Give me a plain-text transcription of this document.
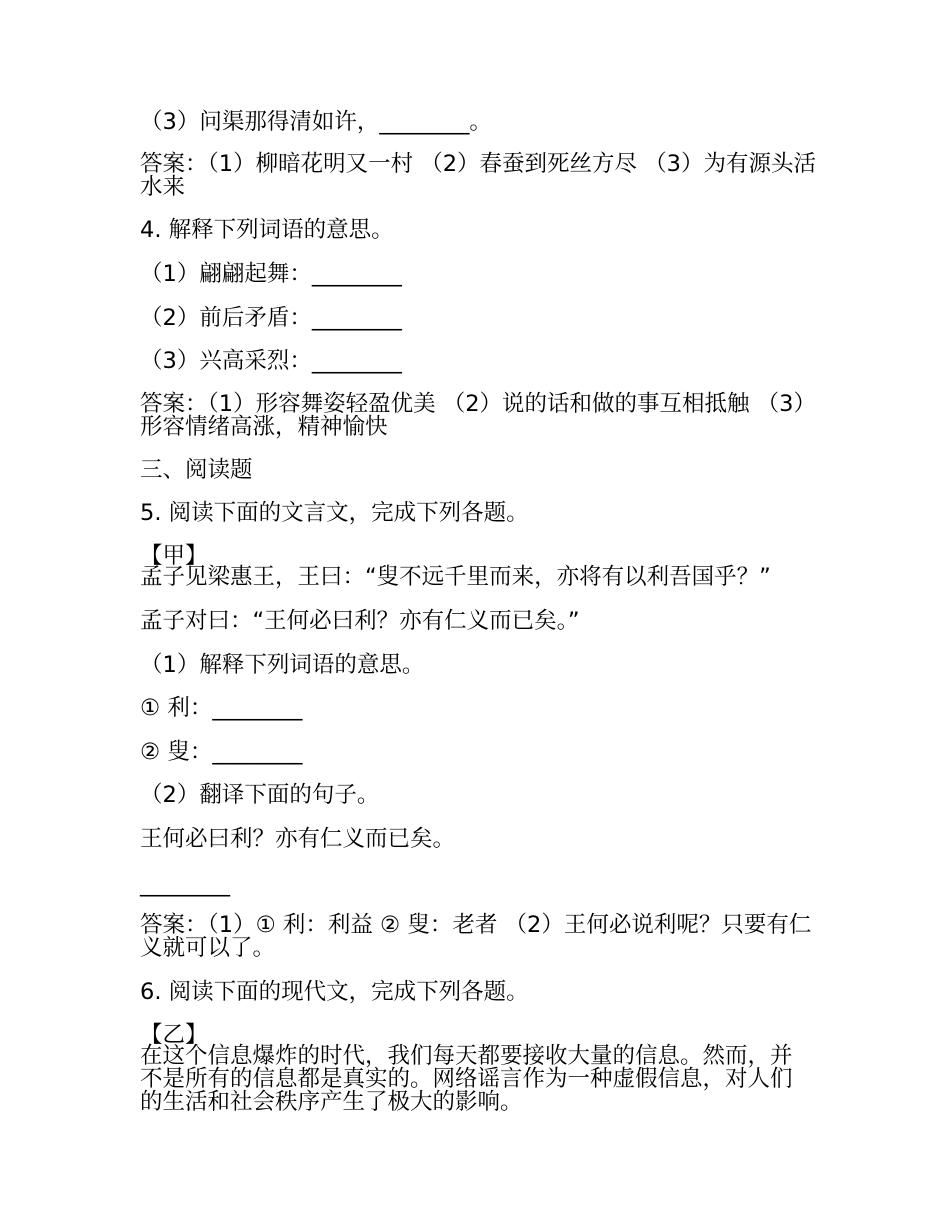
（3）问渠那得清如许，________。
答案：（1）柳暗花明又一村 （2）春蚕到死丝方尽 （3）为有源头活水来
4. 解释下列词语的意思。
（1）翩翩起舞：________
（2）前后矛盾：________
（3）兴高采烈：________
答案：（1）形容舞姿轻盈优美 （2）说的话和做的事互相抵触 （3）形容情绪高涨，精神愉快
三、阅读题
5. 阅读下面的文言文，完成下列各题。
【甲】
孟子见梁惠王，王曰：“叟不远千里而来，亦将有以利吾国乎？”
孟子对曰：“王何必曰利？亦有仁义而已矣。”
（1）解释下列词语的意思。
① 利：________
② 叟：________
（2）翻译下面的句子。
王何必曰利？亦有仁义而已矣。
________
答案：（1）① 利：利益 ② 叟：老者 （2）王何必说利呢？只要有仁义就可以了。
6. 阅读下面的现代文，完成下列各题。
【乙】
在这个信息爆炸的时代，我们每天都要接收大量的信息。然而，并不是所有的信息都是真实的。网络谣言作为一种虚假信息，对人们的生活和社会秩序产生了极大的影响。
